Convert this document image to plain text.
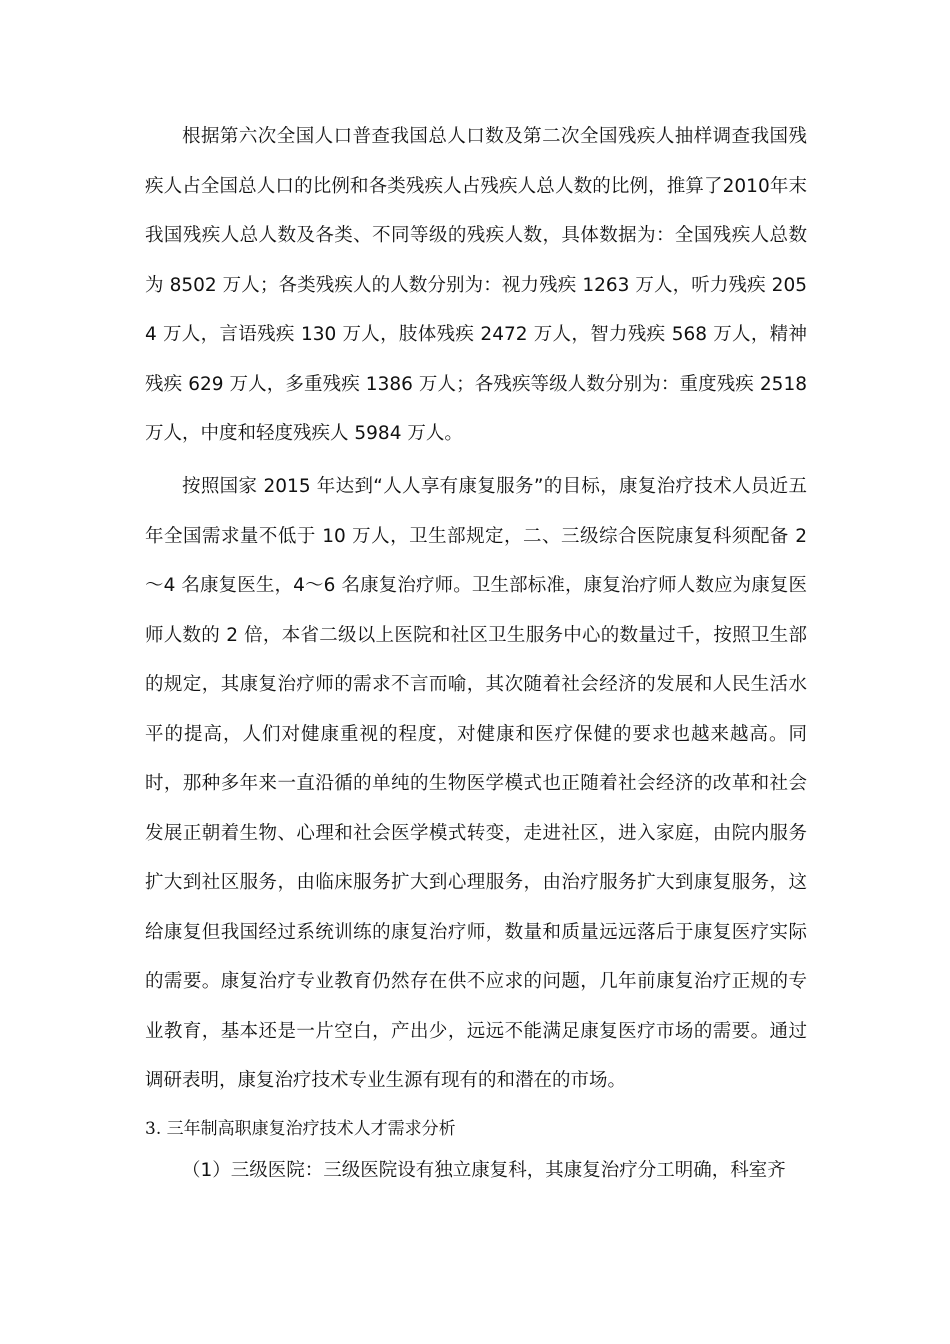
根据第六次全国人口普查我国总人口数及第二次全国残疾人抽样调查我国残疾人占全国总人口的比例和各类残疾人占残疾人总人数的比例，推算了2010年末我国残疾人总人数及各类、不同等级的残疾人数，具体数据为：全国残疾人总数为 8502 万人；各类残疾人的人数分别为：视力残疾 1263 万人，听力残疾 2054 万人，言语残疾 130 万人，肢体残疾 2472 万人，智力残疾 568 万人，精神残疾 629 万人，多重残疾 1386 万人；各残疾等级人数分别为：重度残疾 2518 万人，中度和轻度残疾人 5984 万人。

按照国家 2015 年达到“人人享有康复服务”的目标，康复治疗技术人员近五年全国需求量不低于 10 万人，卫生部规定，二、三级综合医院康复科须配备 2～4 名康复医生，4～6 名康复治疗师。卫生部标准，康复治疗师人数应为康复医师人数的 2 倍，本省二级以上医院和社区卫生服务中心的数量过千，按照卫生部的规定，其康复治疗师的需求不言而喻，其次随着社会经济的发展和人民生活水平的提高，人们对健康重视的程度，对健康和医疗保健的要求也越来越高。同时，那种多年来一直沿循的单纯的生物医学模式也正随着社会经济的改革和社会发展正朝着生物、心理和社会医学模式转变，走进社区，进入家庭，由院内服务扩大到社区服务，由临床服务扩大到心理服务，由治疗服务扩大到康复服务，这给康复但我国经过系统训练的康复治疗师，数量和质量远远落后于康复医疗实际的需要。康复治疗专业教育仍然存在供不应求的问题，几年前康复治疗正规的专业教育，基本还是一片空白，产出少，远远不能满足康复医疗市场的需要。通过调研表明，康复治疗技术专业生源有现有的和潜在的市场。

3. 三年制高职康复治疗技术人才需求分析

（1）三级医院：三级医院设有独立康复科，其康复治疗分工明确，科室齐
